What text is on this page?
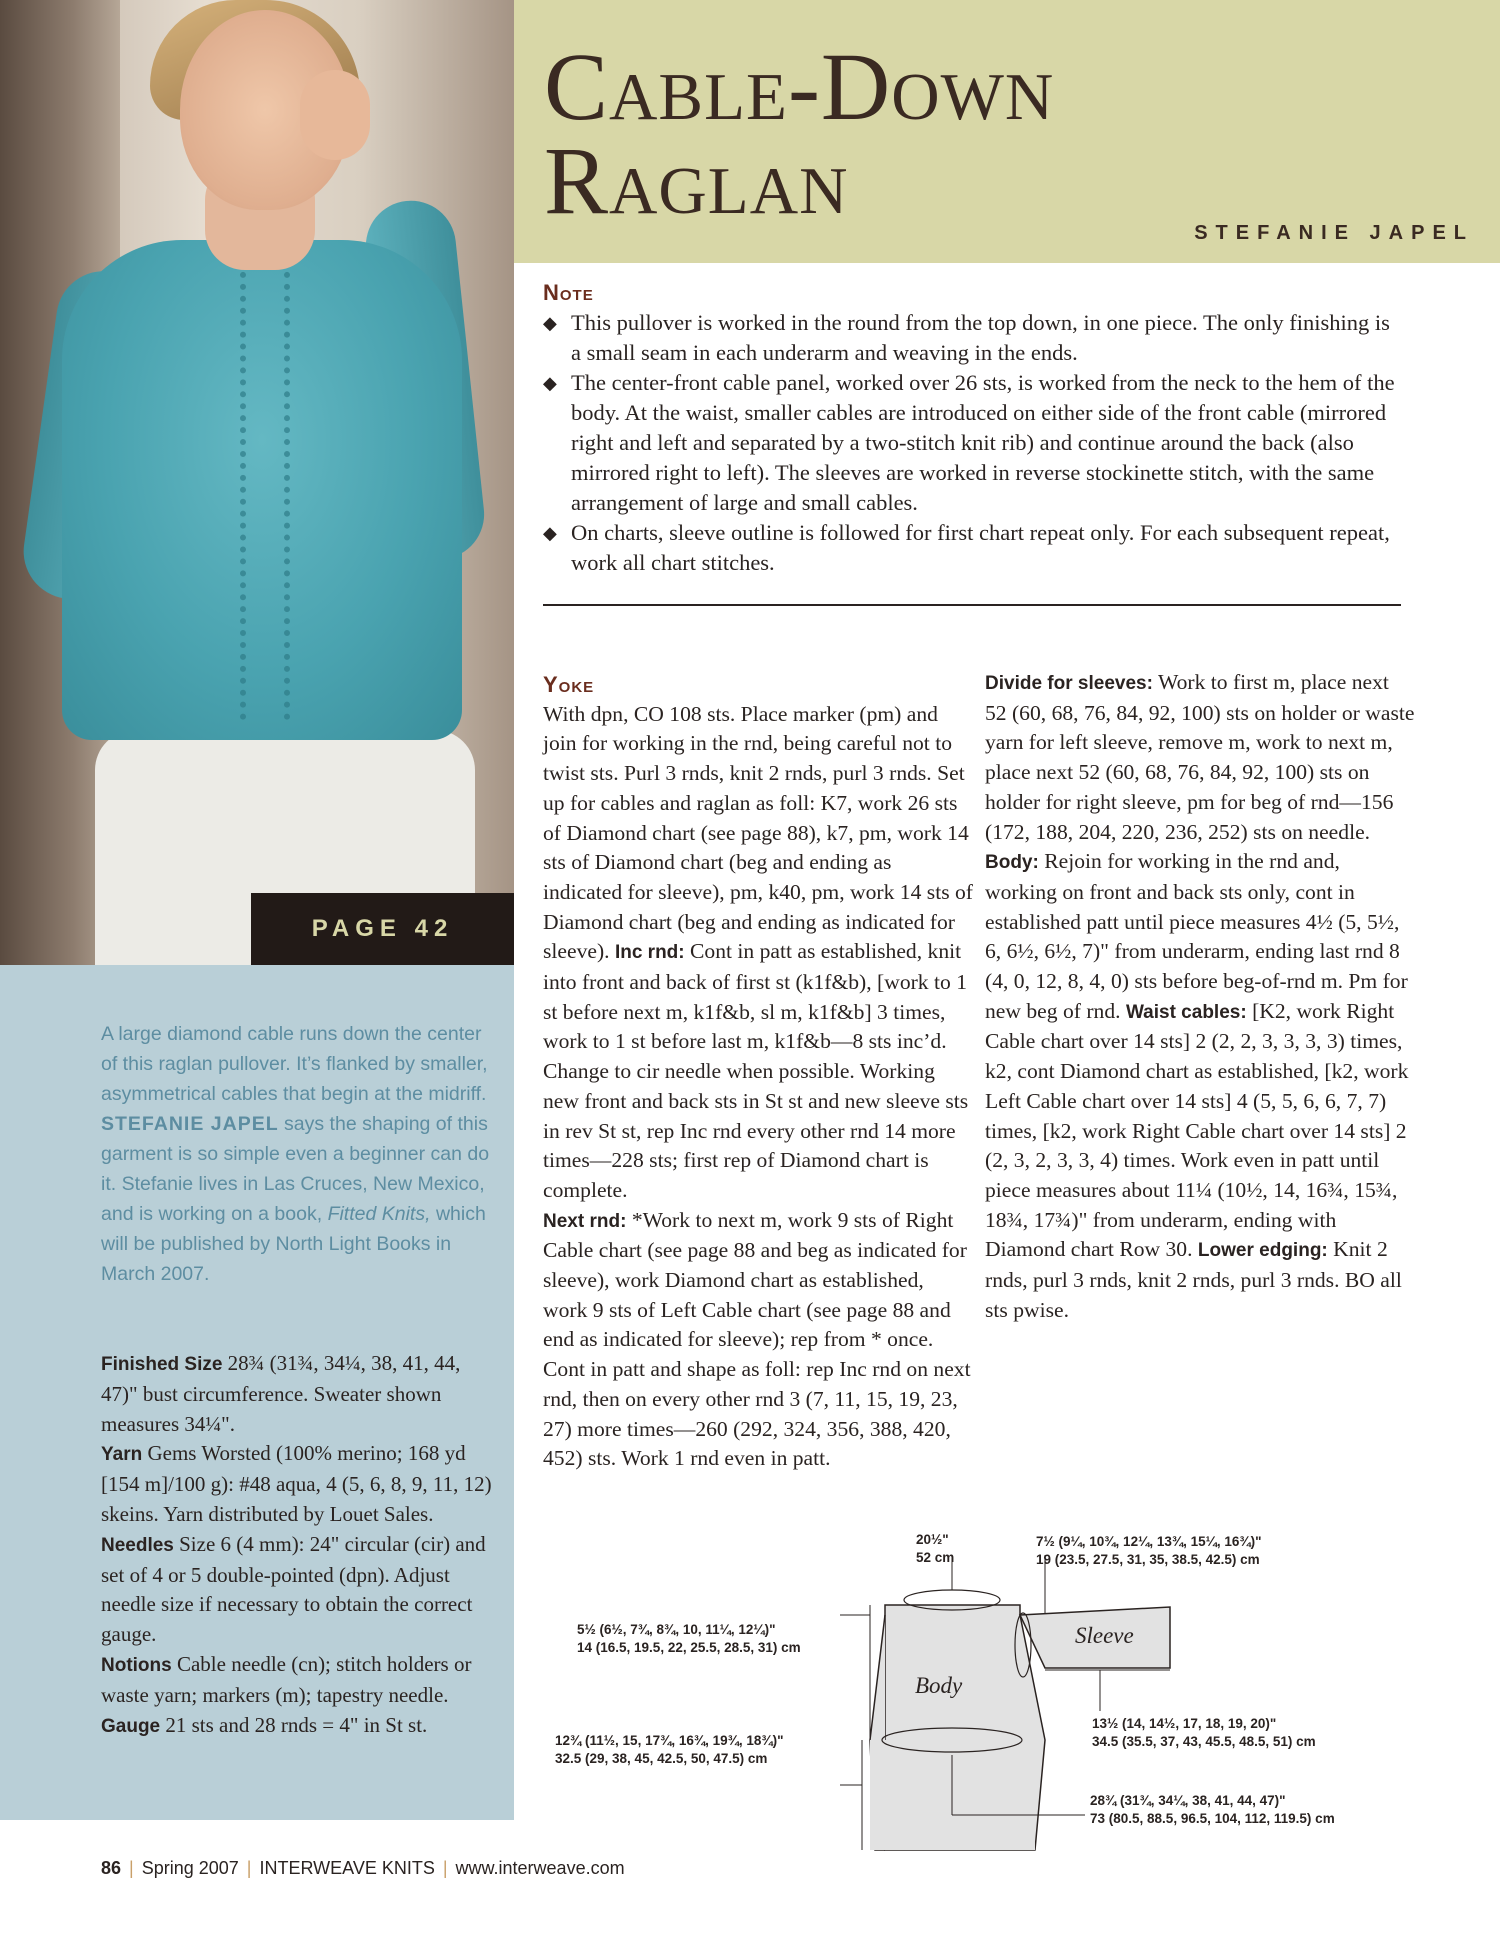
PAGE 42
Cable-Down
Raglan	STEFANIE JAPEL
Note
◆ This pullover is worked in the round from the top down, in one piece. The only finishing is a small seam in each underarm and weaving in the ends.
◆ The center-front cable panel, worked over 26 sts, is worked from the neck to the hem of the body. At the waist, smaller cables are introduced on either side of the front cable (mirrored right and left and separated by a two-stitch knit rib) and continue around the back (also mirrored right to left). The sleeves are worked in reverse stockinette stitch, with the same arrangement of large and small cables.
◆ On charts, sleeve outline is followed for first chart repeat only. For each subsequent repeat, work all chart stitches.
Yoke
With dpn, CO 108 sts. Place marker (pm) and join for working in the rnd, being careful not to twist sts. Purl 3 rnds, knit 2 rnds, purl 3 rnds. Set up for cables and raglan as foll: K7, work 26 sts of Diamond chart (see page 88), k7, pm, work 14 sts of Diamond chart (beg and ending as indicated for sleeve), pm, k40, pm, work 14 sts of Diamond chart (beg and ending as indicated for sleeve). Inc rnd: Cont in patt as established, knit into front and back of first st (k1f&b), [work to 1 st before next m, k1f&b, sl m, k1f&b] 3 times, work to 1 st before last m, k1f&b—8 sts inc’d. Change to cir needle when possible. Working new front and back sts in St st and new sleeve sts in rev St st, rep Inc rnd every other rnd 14 more times—228 sts; first rep of Diamond chart is complete.
Next rnd: *Work to next m, work 9 sts of Right Cable chart (see page 88 and beg as indicated for sleeve), work Diamond chart as established, work 9 sts of Left Cable chart (see page 88 and end as indicated for sleeve); rep from * once. Cont in patt and shape as foll: rep Inc rnd on next rnd, then on every other rnd 3 (7, 11, 15, 19, 23, 27) more times—260 (292, 324, 356, 388, 420, 452) sts. Work 1 rnd even in patt.
Divide for sleeves: Work to first m, place next 52 (60, 68, 76, 84, 92, 100) sts on holder or waste yarn for left sleeve, remove m, work to next m, place next 52 (60, 68, 76, 84, 92, 100) sts on holder for right sleeve, pm for beg of rnd—156 (172, 188, 204, 220, 236, 252) sts on needle. Body: Rejoin for working in the rnd and, working on front and back sts only, cont in established patt until piece measures 4½ (5, 5½, 6, 6½, 6½, 7)" from underarm, ending last rnd 8 (4, 0, 12, 8, 4, 0) sts before beg-of-rnd m. Pm for new beg of rnd. Waist cables: [K2, work Right Cable chart over 14 sts] 2 (2, 2, 3, 3, 3, 3) times, k2, cont Diamond chart as established, [k2, work Left Cable chart over 14 sts] 4 (5, 5, 6, 6, 7, 7) times, [k2, work Right Cable chart over 14 sts] 2 (2, 3, 2, 3, 3, 4) times. Work even in patt until piece measures about 11¼ (10½, 14, 16¾, 15¾, 18¾, 17¾)" from underarm, ending with Diamond chart Row 30. Lower edging: Knit 2 rnds, purl 3 rnds, knit 2 rnds, purl 3 rnds. BO all sts pwise.
A large diamond cable runs down the center of this raglan pullover. It’s flanked by smaller, asymmetrical cables that begin at the midriff. STEFANIE JAPEL says the shaping of this garment is so simple even a beginner can do it. Stefanie lives in Las Cruces, New Mexico, and is working on a book, Fitted Knits, which will be published by North Light Books in March 2007.
Finished Size 28¾ (31¾, 34¼, 38, 41, 44, 47)" bust circumference. Sweater shown measures 34¼".
Yarn Gems Worsted (100% merino; 168 yd [154 m]/100 g): #48 aqua, 4 (5, 6, 8, 9, 11, 12) skeins. Yarn distributed by Louet Sales.
Needles Size 6 (4 mm): 24" circular (cir) and set of 4 or 5 double-pointed (dpn). Adjust needle size if necessary to obtain the correct gauge.
Notions Cable needle (cn); stitch holders or waste yarn; markers (m); tapestry needle.
Gauge 21 sts and 28 rnds = 4" in St st.
20½"
52 cm
7½ (9¼, 10¾, 12¼, 13¾, 15¼, 16¾)"
19 (23.5, 27.5, 31, 35, 38.5, 42.5) cm
5½ (6½, 7¾, 8¾, 10, 11¼, 12¼)"
14 (16.5, 19.5, 22, 25.5, 28.5, 31) cm
12¾ (11½, 15, 17¾, 16¾, 19¾, 18¾)"
32.5 (29, 38, 45, 42.5, 50, 47.5) cm
13½ (14, 14½, 17, 18, 19, 20)"
34.5 (35.5, 37, 43, 45.5, 48.5, 51) cm
28¾ (31¾, 34¼, 38, 41, 44, 47)"
73 (80.5, 88.5, 96.5, 104, 112, 119.5) cm
Sleeve
Body
86 | Spring 2007 | INTERWEAVE KNITS | www.interweave.com
